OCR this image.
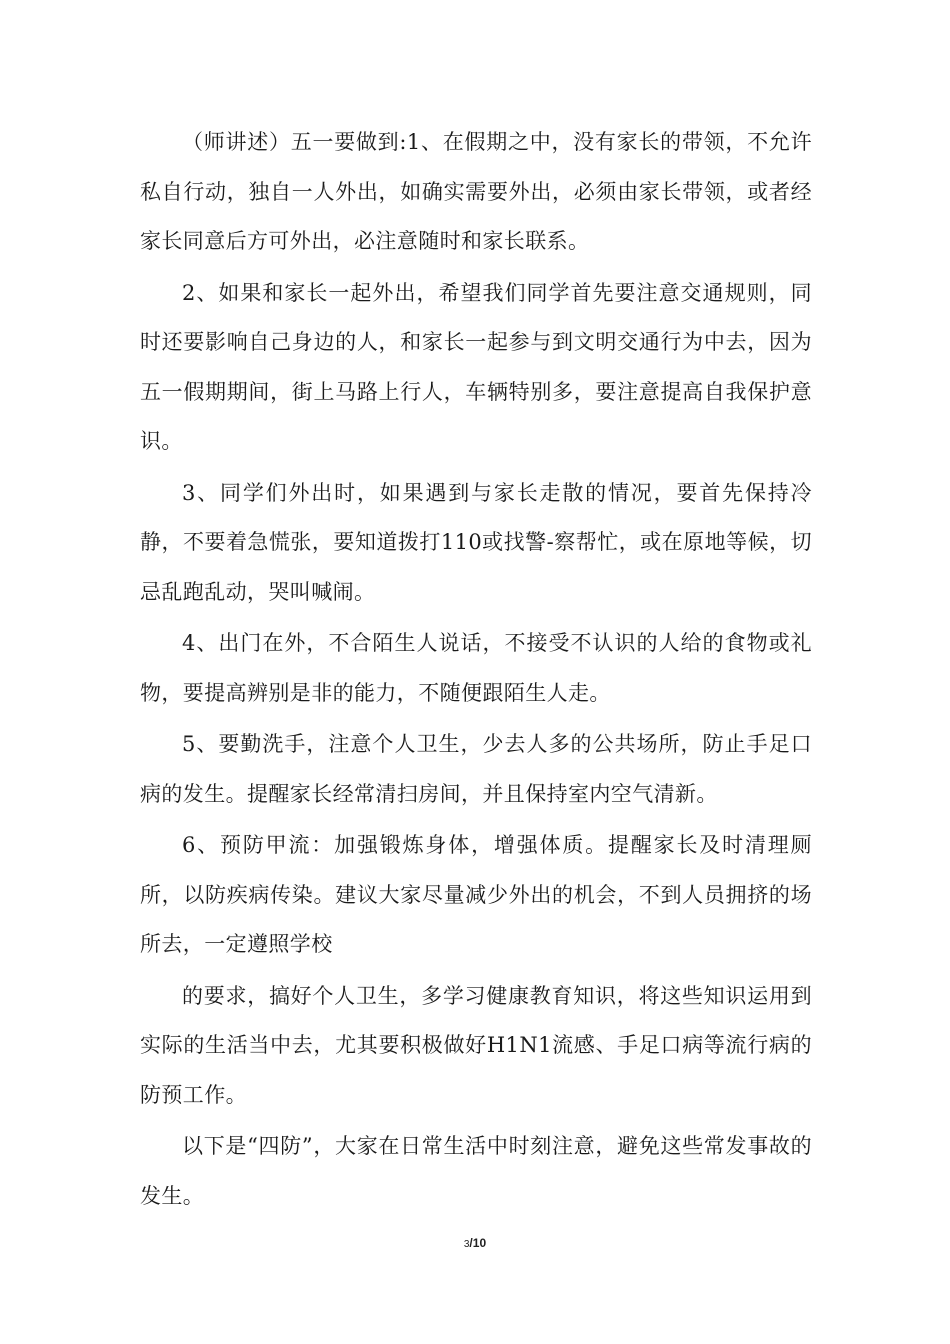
（师讲述）五一要做到:1、在假期之中，没有家长的带领，不允许私自行动，独自一人外出，如确实需要外出，必须由家长带领，或者经家长同意后方可外出，必注意随时和家长联系。

2、如果和家长一起外出，希望我们同学首先要注意交通规则，同时还要影响自己身边的人，和家长一起参与到文明交通行为中去，因为五一假期期间，街上马路上行人，车辆特别多，要注意提高自我保护意识。

3、同学们外出时，如果遇到与家长走散的情况，要首先保持冷静，不要着急慌张，要知道拨打110或找警-察帮忙，或在原地等候，切忌乱跑乱动，哭叫喊闹。

4、出门在外，不合陌生人说话，不接受不认识的人给的食物或礼物，要提高辨别是非的能力，不随便跟陌生人走。

5、要勤洗手，注意个人卫生，少去人多的公共场所，防止手足口病的发生。提醒家长经常清扫房间，并且保持室内空气清新。

6、预防甲流：加强锻炼身体，增强体质。提醒家长及时清理厕所，以防疾病传染。建议大家尽量减少外出的机会，不到人员拥挤的场所去，一定遵照学校

的要求，搞好个人卫生，多学习健康教育知识，将这些知识运用到实际的生活当中去，尤其要积极做好H1N1流感、手足口病等流行病的防预工作。

以下是“四防”，大家在日常生活中时刻注意，避免这些常发事故的发生。

3/10
